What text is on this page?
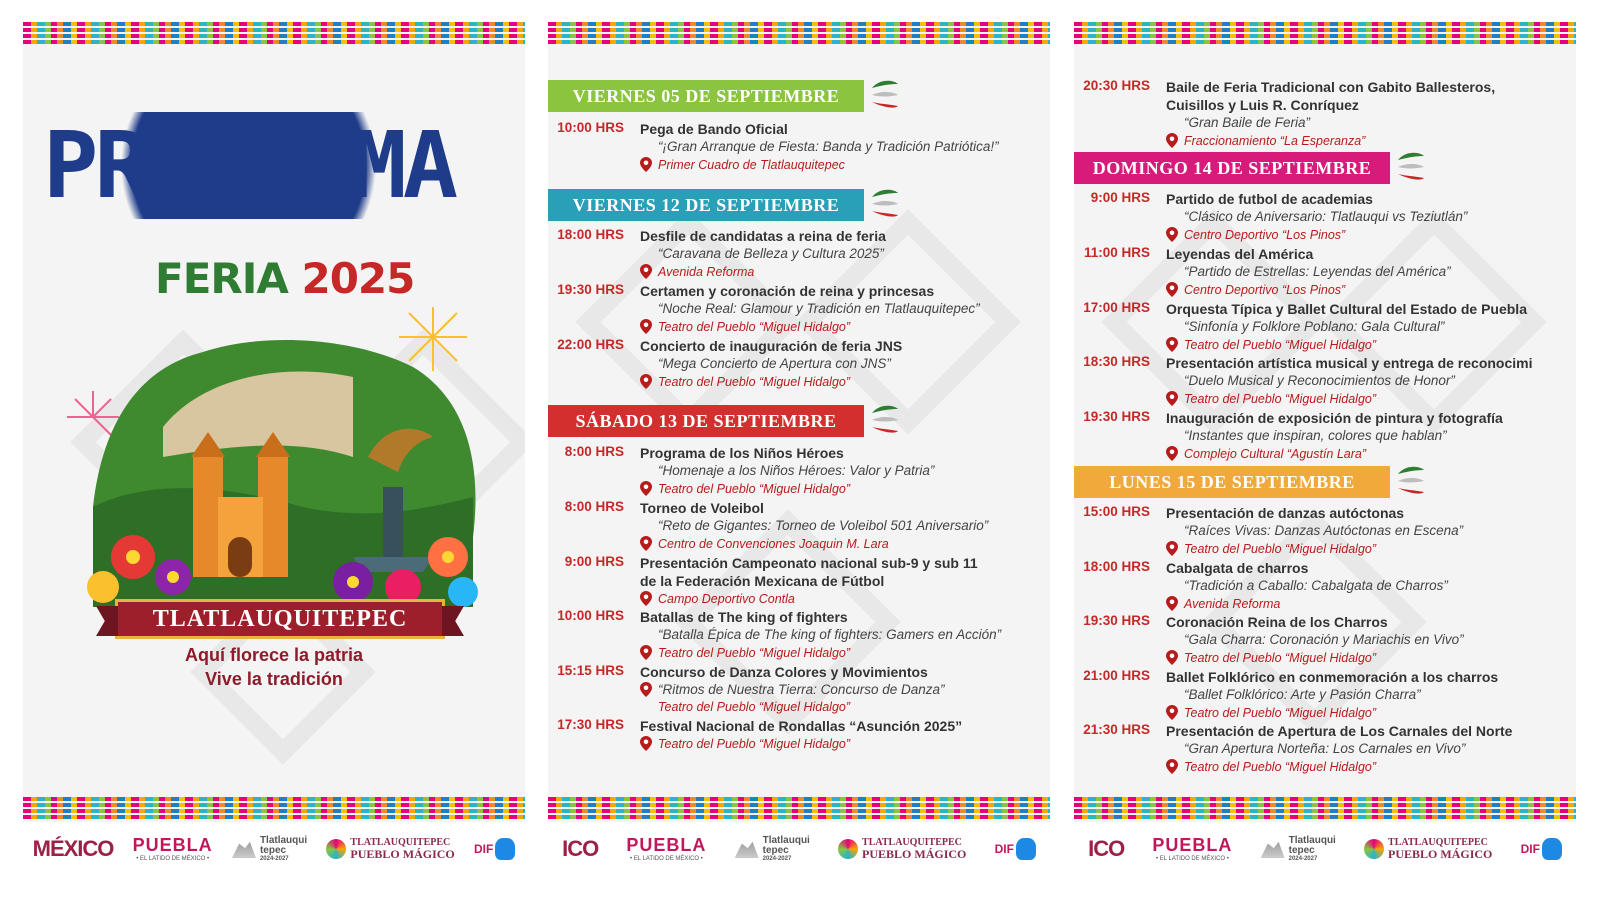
PROGRAMA
FERIA 2025
TLATLAUQUITEPEC
Aquí florece la patria
Vive la tradición
MÉXICO PUEBLA
• EL LATIDO DE MÉXICO •
Tlatlauqui
tepec
2024-2027
TLATLAUQUITEPEC
PUEBLO MÁGICO DIF
VIERNES 05 DE SEPTIEMBRE
10:00 HRS Pega de Bando Oficial
“¡Gran Arranque de Fiesta: Banda y Tradición Patriótica!”
Primer Cuadro de Tlatlauquitepec
VIERNES 12 DE SEPTIEMBRE
18:00 HRS Desfile de candidatas a reina de feria
“Caravana de Belleza y Cultura 2025”
Avenida Reforma
19:30 HRS Certamen y coronación de reina y princesas
“Noche Real: Glamour y Tradición en Tlatlauquitepec”
Teatro del Pueblo “Miguel Hidalgo”
22:00 HRS Concierto de inauguración de feria JNS
“Mega Concierto de Apertura con JNS”
Teatro del Pueblo “Miguel Hidalgo”
SÁBADO 13 DE SEPTIEMBRE
8:00 HRS Programa de los Niños Héroes
“Homenaje a los Niños Héroes: Valor y Patria”
Teatro del Pueblo “Miguel Hidalgo”
8:00 HRS Torneo de Voleibol
“Reto de Gigantes: Torneo de Voleibol 501 Aniversario”
Centro de Convenciones Joaquin M. Lara
9:00 HRS Presentación Campeonato nacional sub-9 y sub 11
de la Federación Mexicana de Fútbol
Campo Deportivo Contla
10:00 HRS Batallas de The king of fighters
“Batalla Épica de The king of fighters: Gamers en Acción”
Teatro del Pueblo “Miguel Hidalgo”
15:15 HRS Concurso de Danza Colores y Movimientos
“Ritmos de Nuestra Tierra: Concurso de Danza”
Teatro del Pueblo “Miguel Hidalgo”
17:30 HRS Festival Nacional de Rondallas “Asunción 2025”
Teatro del Pueblo “Miguel Hidalgo”
ICO PUEBLA
• EL LATIDO DE MÉXICO •
Tlatlauqui
tepec
2024-2027
TLATLAUQUITEPEC
PUEBLO MÁGICO DIF
20:30 HRS Baile de Feria Tradicional con Gabito Ballesteros,
Cuisillos y Luis R. Conríquez
“Gran Baile de Feria”
Fraccionamiento “La Esperanza”
DOMINGO 14 DE SEPTIEMBRE
9:00 HRS Partido de futbol de academias
“Clásico de Aniversario: Tlatlauqui vs Teziutlán”
Centro Deportivo “Los Pinos”
11:00 HRS Leyendas del América
“Partido de Estrellas: Leyendas del América”
Centro Deportivo “Los Pinos”
17:00 HRS Orquesta Típica y Ballet Cultural del Estado de Puebla
“Sinfonía y Folklore Poblano: Gala Cultural”
Teatro del Pueblo “Miguel Hidalgo”
18:30 HRS Presentación artística musical y entrega de reconocimi
“Duelo Musical y Reconocimientos de Honor”
Teatro del Pueblo “Miguel Hidalgo”
19:30 HRS Inauguración de exposición de pintura y fotografía
“Instantes que inspiran, colores que hablan”
Complejo Cultural “Agustín Lara”
LUNES 15 DE SEPTIEMBRE
15:00 HRS Presentación de danzas autóctonas
“Raíces Vivas: Danzas Autóctonas en Escena”
Teatro del Pueblo “Miguel Hidalgo”
18:00 HRS Cabalgata de charros
“Tradición a Caballo: Cabalgata de Charros”
Avenida Reforma
19:30 HRS Coronación Reina de los Charros
“Gala Charra: Coronación y Mariachis en Vivo”
Teatro del Pueblo “Miguel Hidalgo”
21:00 HRS Ballet Folklórico en conmemoración a los charros
“Ballet Folklórico: Arte y Pasión Charra”
Teatro del Pueblo “Miguel Hidalgo”
21:30 HRS Presentación de Apertura de Los Carnales del Norte
“Gran Apertura Norteña: Los Carnales en Vivo”
Teatro del Pueblo “Miguel Hidalgo”
ICO PUEBLA
• EL LATIDO DE MÉXICO •
Tlatlauqui
tepec
2024-2027
TLATLAUQUITEPEC
PUEBLO MÁGICO DIF
